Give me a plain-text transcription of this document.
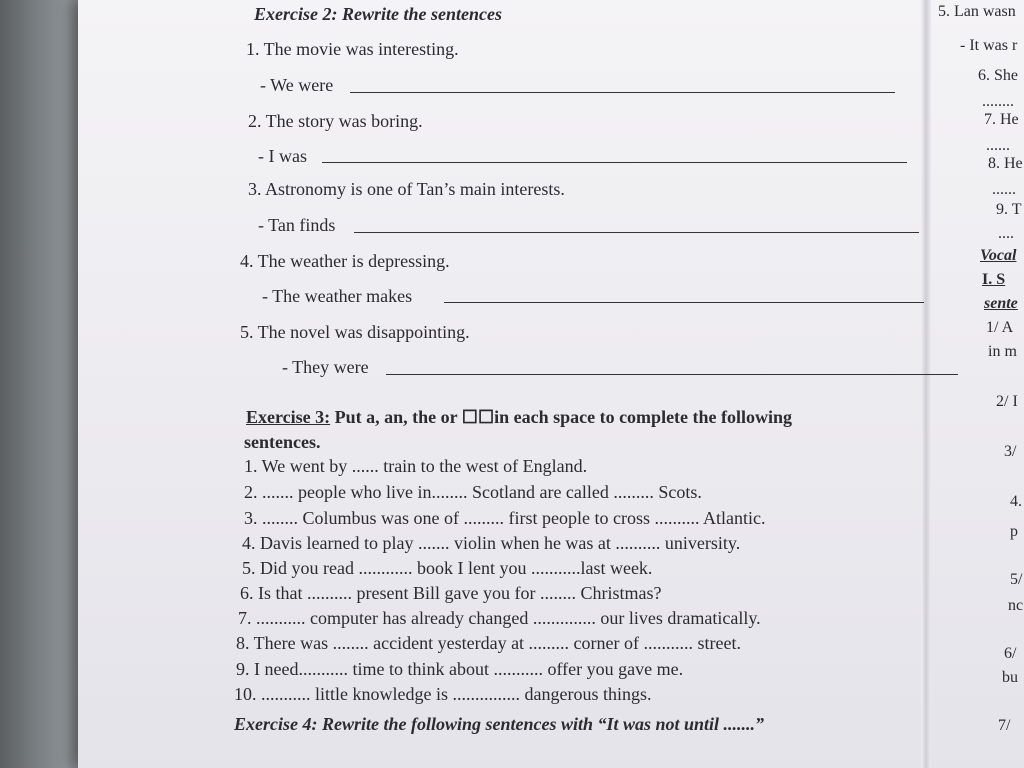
Exercise 2: Rewrite the sentences
1. The movie was interesting.
- We were
2. The story was boring.
- I was
3. Astronomy is one of Tan’s main interests.
- Tan finds
4. The weather is depressing.
- The weather makes
5. The novel was disappointing.
- They were
Exercise 3: Put a, an, the or ☐☐in each space to complete the following
sentences.
1. We went by ...... train to the west of England.
2. ....... people who live in........ Scotland are called ......... Scots.
3. ........ Columbus was one of ......... first people to cross .......... Atlantic.
4. Davis learned to play ....... violin when he was at .......... university.
5. Did you read ............ book I lent you ...........last week.
6. Is that .......... present Bill gave you for ........ Christmas?
7. ........... computer has already changed .............. our lives dramatically.
8. There was ........ accident yesterday at ......... corner of ........... street.
9. I need........... time to think about ........... offer you gave me.
10. ........... little knowledge is ............... dangerous things.
Exercise 4: Rewrite the following sentences with “It was not until .......”
5. Lan wasn
- It was r
6. She
........
7. He
......
8. He
......
9. T
....
Vocal
I. S
sente
1/ A
in m
2/ I
3/
4.
p
5/
nc
6/
bu
7/
